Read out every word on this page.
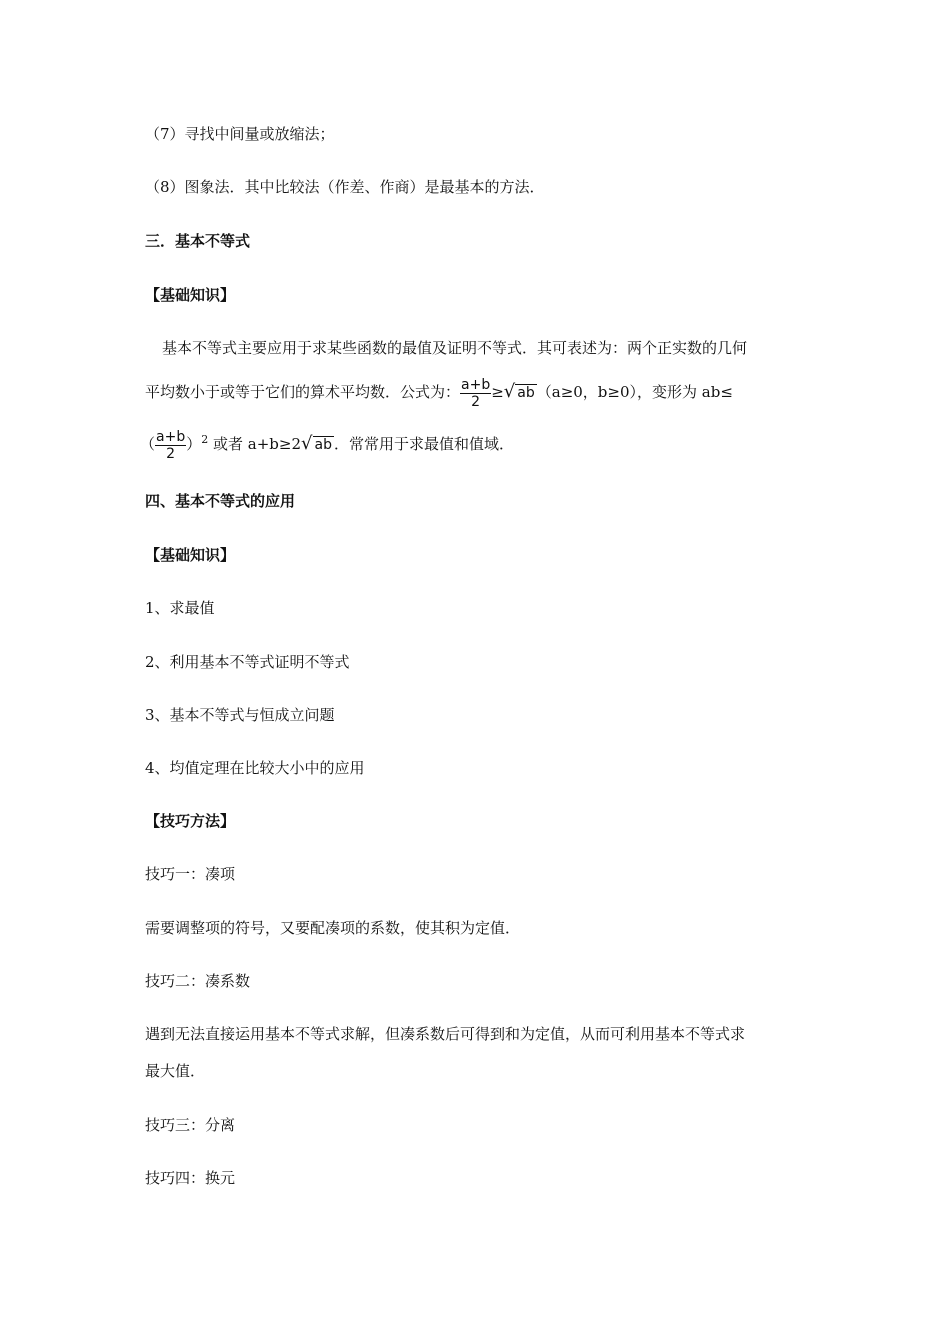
（7）寻找中间量或放缩法；
（8）图象法．其中比较法（作差、作商）是最基本的方法．
三．基本不等式
【基础知识】
基本不等式主要应用于求某些函数的最值及证明不等式．其可表述为：两个正实数的几何
平均数小于或等于它们的算术平均数．公式为： $\frac{a+b}{2}$ ≥√ ab （a≥0，b≥0），变形为 ab≤
（ $\frac{a+b}{2} )^2$ 或者 a+b≥2√ ab ．常常用于求最值和值域．
四、基本不等式的应用
【基础知识】
1、求最值
2、利用基本不等式证明不等式
3、基本不等式与恒成立问题
4、均值定理在比较大小中的应用
【技巧方法】
技巧一：凑项
需要调整项的符号，又要配凑项的系数，使其积为定值．
技巧二：凑系数
遇到无法直接运用基本不等式求解，但凑系数后可得到和为定值，从而可利用基本不等式求
最大值．
技巧三：分离
技巧四：换元
